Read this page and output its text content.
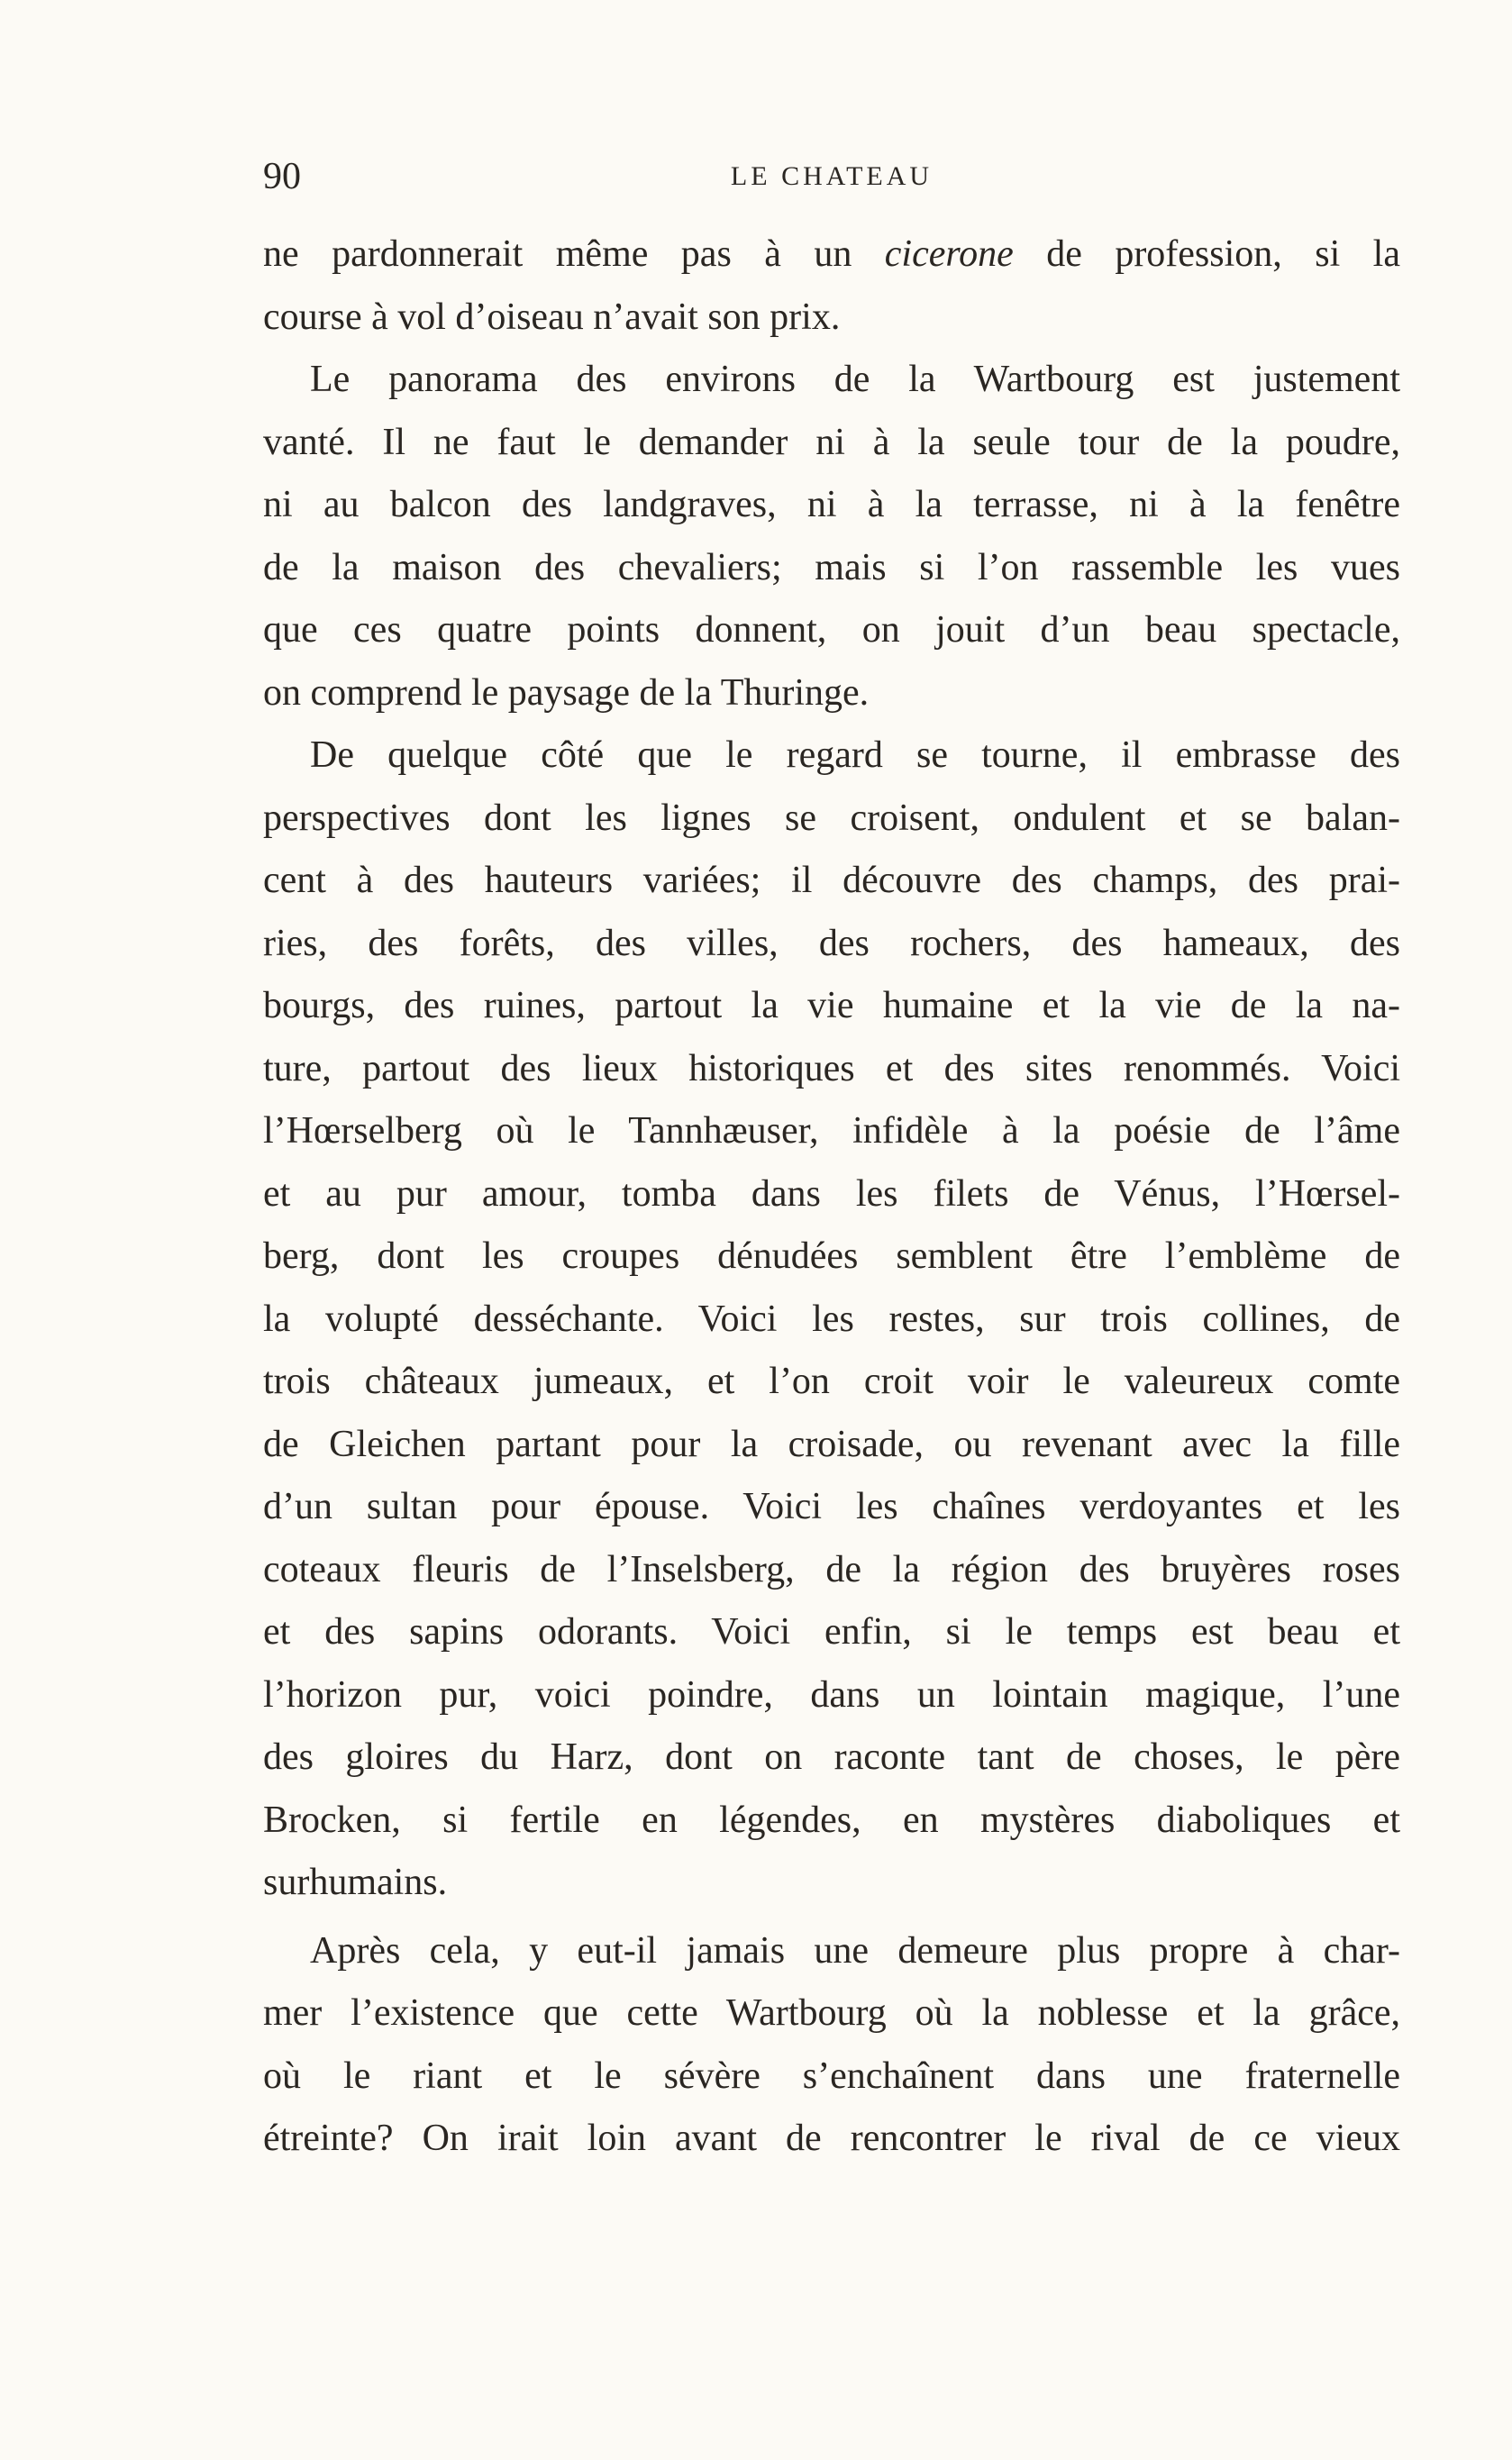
90	LE CHATEAU
ne pardonnerait même pas à un cicerone de profession, si la
course à vol d’oiseau n’avait son prix.
Le panorama des environs de la Wartbourg est justement
vanté. Il ne faut le demander ni à la seule tour de la poudre,
ni au balcon des landgraves, ni à la terrasse, ni à la fenêtre
de la maison des chevaliers; mais si l’on rassemble les vues
que ces quatre points donnent, on jouit d’un beau spectacle,
on comprend le paysage de la Thuringe.
De quelque côté que le regard se tourne, il embrasse des
perspectives dont les lignes se croisent, ondulent et se balan-
cent à des hauteurs variées; il découvre des champs, des prai-
ries, des forêts, des villes, des rochers, des hameaux, des
bourgs, des ruines, partout la vie humaine et la vie de la na-
ture, partout des lieux historiques et des sites renommés. Voici
l’Hœrselberg où le Tannhæuser, infidèle à la poésie de l’âme
et au pur amour, tomba dans les filets de Vénus, l’Hœrsel-
berg, dont les croupes dénudées semblent être l’emblème de
la volupté desséchante. Voici les restes, sur trois collines, de
trois châteaux jumeaux, et l’on croit voir le valeureux comte
de Gleichen partant pour la croisade, ou revenant avec la fille
d’un sultan pour épouse. Voici les chaînes verdoyantes et les
coteaux fleuris de l’Inselsberg, de la région des bruyères roses
et des sapins odorants. Voici enfin, si le temps est beau et
l’horizon pur, voici poindre, dans un lointain magique, l’une
des gloires du Harz, dont on raconte tant de choses, le père
Brocken, si fertile en légendes, en mystères diaboliques et
surhumains.
Après cela, y eut-il jamais une demeure plus propre à char-
mer l’existence que cette Wartbourg où la noblesse et la grâce,
où le riant et le sévère s’enchaînent dans une fraternelle
étreinte? On irait loin avant de rencontrer le rival de ce vieux
